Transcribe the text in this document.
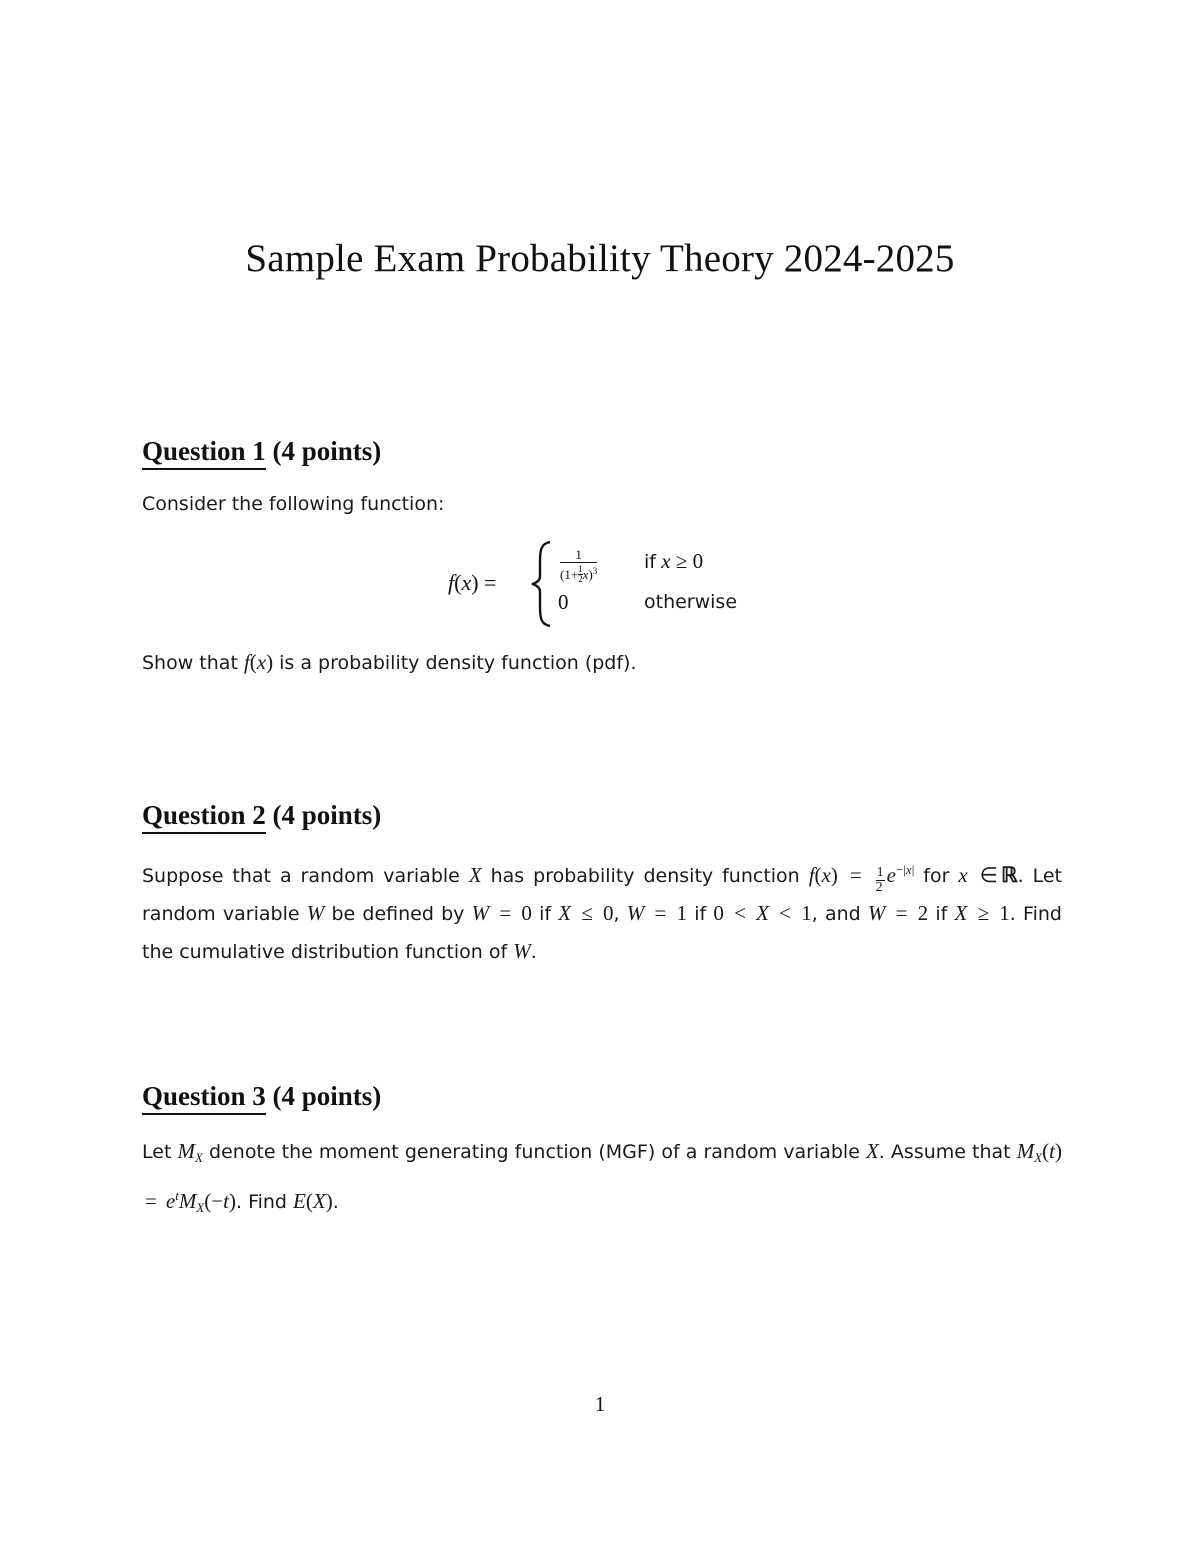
Sample Exam Probability Theory 2024-2025
Question 1 (4 points)

Consider the following function:

f(x) =	$\frac{1}{(1+ \frac{1}{2} x)^3}$ if x ≥ 0
0	otherwise

Show that f(x) is a probability density function (pdf).

Question 2 (4 points)

Suppose that a random variable X has probability density function $f(x) = \frac{1}{2} e^{-|x|}$ for x ∈ ℝ. Let random variable W be defined by W = 0 if X ≤ 0, W = 1 if 0 < X < 1, and W = 2 if X ≥ 1. Find the cumulative distribution function of W.

Question 3 (4 points)

Let $M_X$ denote the moment generating function (MGF) of a random variable X. Assume that $M_X(t) = e^tM_X(-t)$. Find E(X).

1
